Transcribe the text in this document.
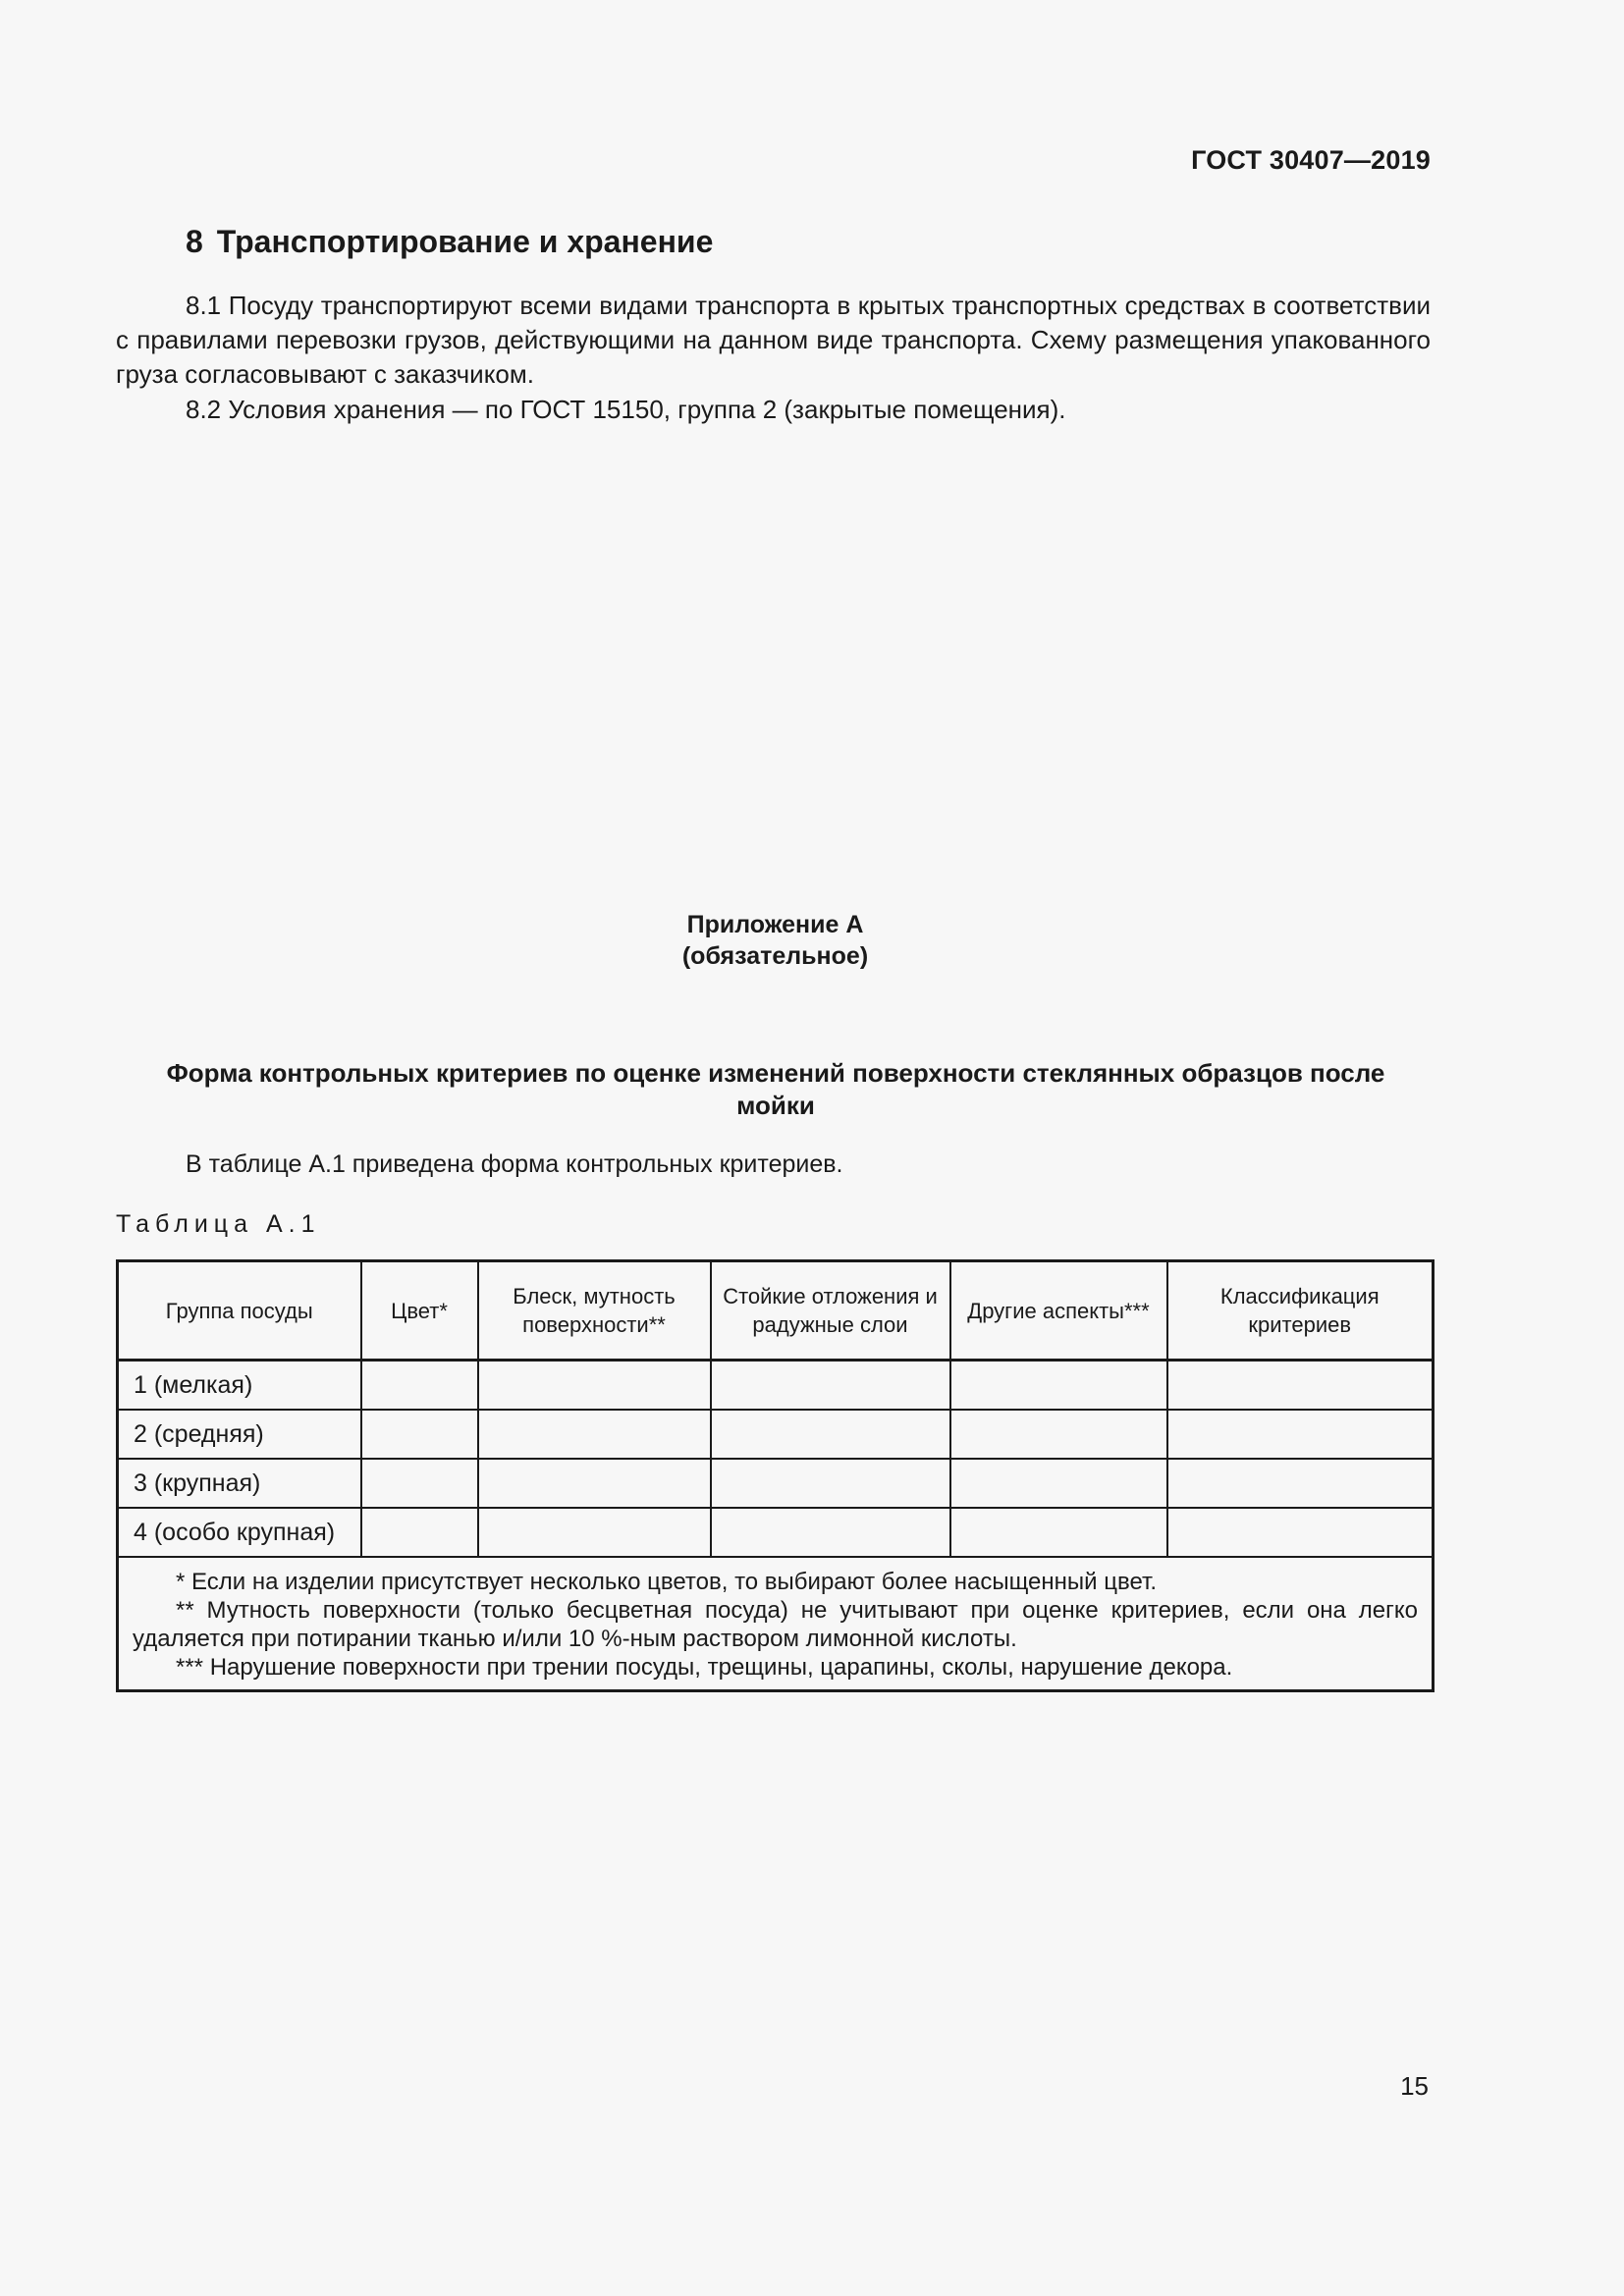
ГОСТ 30407—2019
8 Транспортирование и хранение
8.1 Посуду транспортируют всеми видами транспорта в крытых транспортных средствах в соответствии с правилами перевозки грузов, действующими на данном виде транспорта. Схему размещения упакованного груза согласовывают с заказчиком.
8.2 Условия хранения — по ГОСТ 15150, группа 2 (закрытые помещения).
Приложение А
(обязательное)
Форма контрольных критериев по оценке изменений поверхности стеклянных образцов после мойки
В таблице А.1 приведена форма контрольных критериев.
Таблица А.1
Группа посуды	Цвет*	Блеск, мутность поверхности**	Стойкие отложения и радужные слои	Другие аспекты***	Классификация критериев
1 (мелкая)					
2 (средняя)					
3 (крупная)					
4 (особо крупная)					

* Если на изделии присутствует несколько цветов, то выбирают более насыщенный цвет.
** Мутность поверхности (только бесцветная посуда) не учитывают при оценке критериев, если она легко удаляется при потирании тканью и/или 10 %-ным раствором лимонной кислоты.
*** Нарушение поверхности при трении посуды, трещины, царапины, сколы, нарушение декора.					
15
